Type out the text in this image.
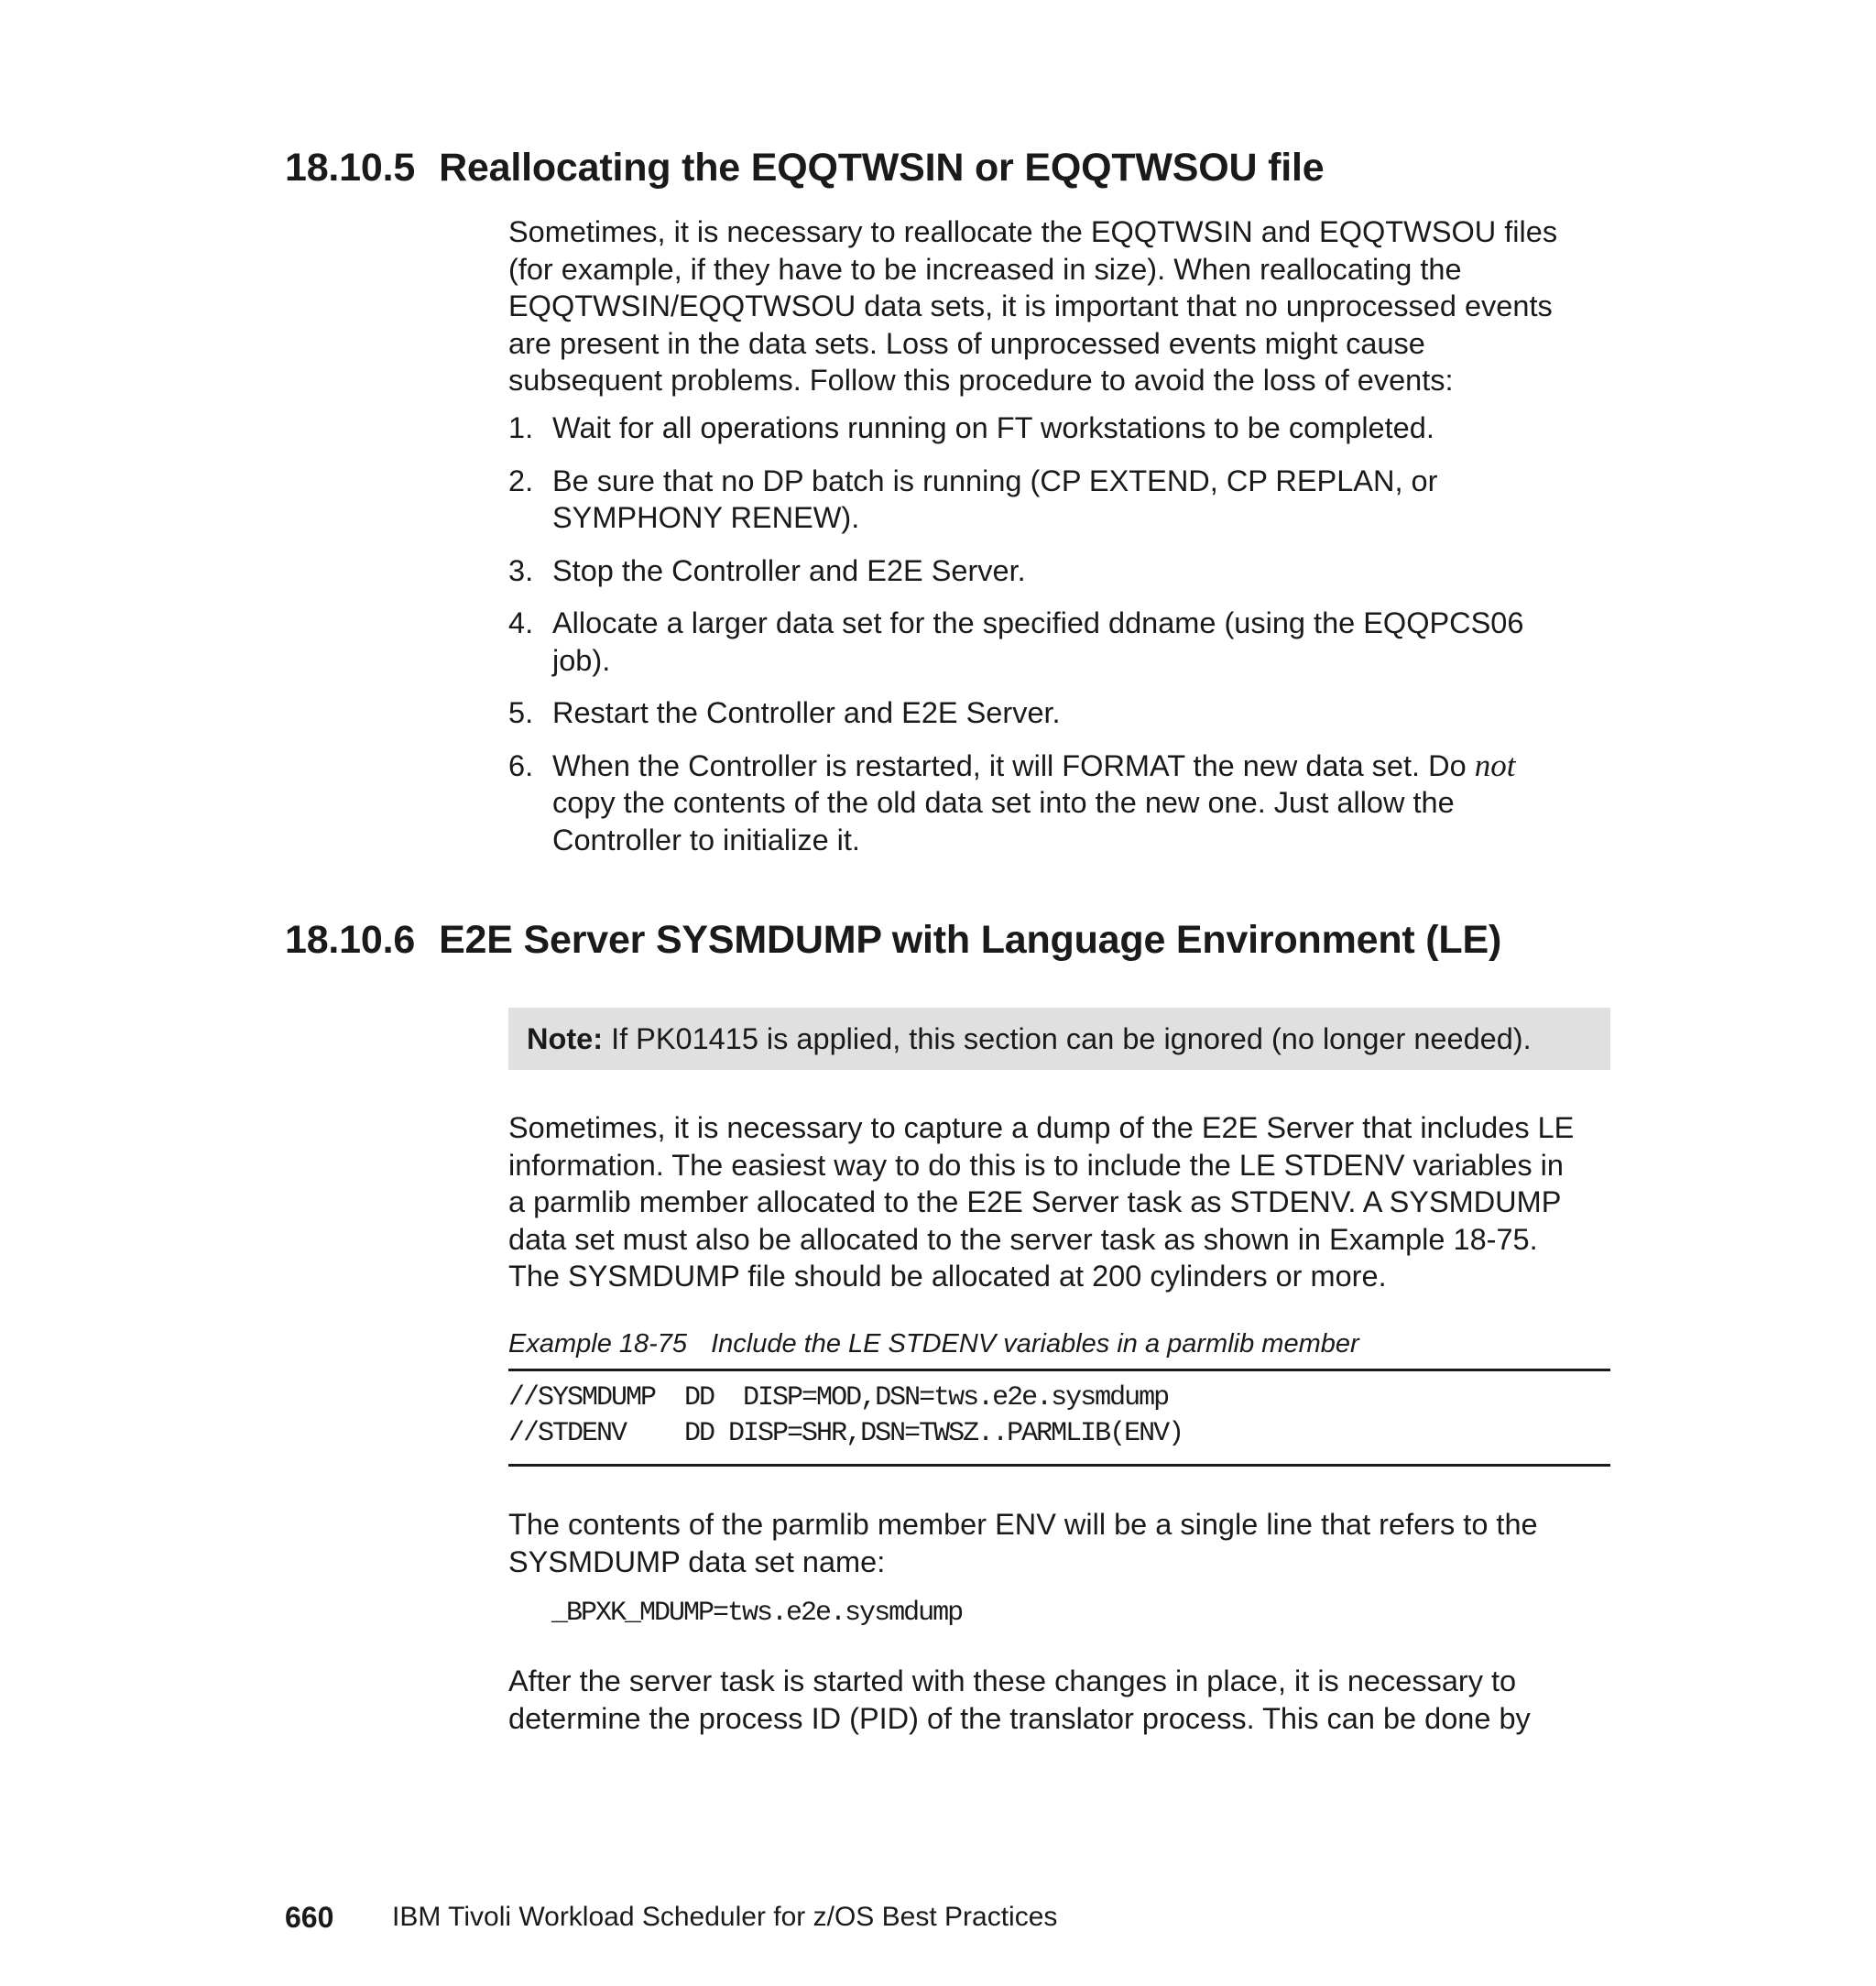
18.10.5 Reallocating the EQQTWSIN or EQQTWSOU file

Sometimes, it is necessary to reallocate the EQQTWSIN and EQQTWSOU files
(for example, if they have to be increased in size). When reallocating the
EQQTWSIN/EQQTWSOU data sets, it is important that no unprocessed events
are present in the data sets. Loss of unprocessed events might cause
subsequent problems. Follow this procedure to avoid the loss of events:

1. Wait for all operations running on FT workstations to be completed.
2. Be sure that no DP batch is running (CP EXTEND, CP REPLAN, or
SYMPHONY RENEW).
3. Stop the Controller and E2E Server.
4. Allocate a larger data set for the specified ddname (using the EQQPCS06
job).
5. Restart the Controller and E2E Server.
6. When the Controller is restarted, it will FORMAT the new data set. Do not
copy the contents of the old data set into the new one. Just allow the
Controller to initialize it.
18.10.6 E2E Server SYSMDUMP with Language Environment (LE)
Note: If PK01415 is applied, this section can be ignored (no longer needed).

Sometimes, it is necessary to capture a dump of the E2E Server that includes LE
information. The easiest way to do this is to include the LE STDENV variables in
a parmlib member allocated to the E2E Server task as STDENV. A SYSMDUMP
data set must also be allocated to the server task as shown in Example 18-75.
The SYSMDUMP file should be allocated at 200 cylinders or more.

Example 18-75 Include the LE STDENV variables in a parmlib member
//SYSMDUMP  DD  DISP=MOD,DSN=tws.e2e.sysmdump
//STDENV    DD DISP=SHR,DSN=TWSZ..PARMLIB(ENV)

The contents of the parmlib member ENV will be a single line that refers to the
SYSMDUMP data set name:

_BPXK_MDUMP=tws.e2e.sysmdump

After the server task is started with these changes in place, it is necessary to
determine the process ID (PID) of the translator process. This can be done by

660 IBM Tivoli Workload Scheduler for z/OS Best Practices
